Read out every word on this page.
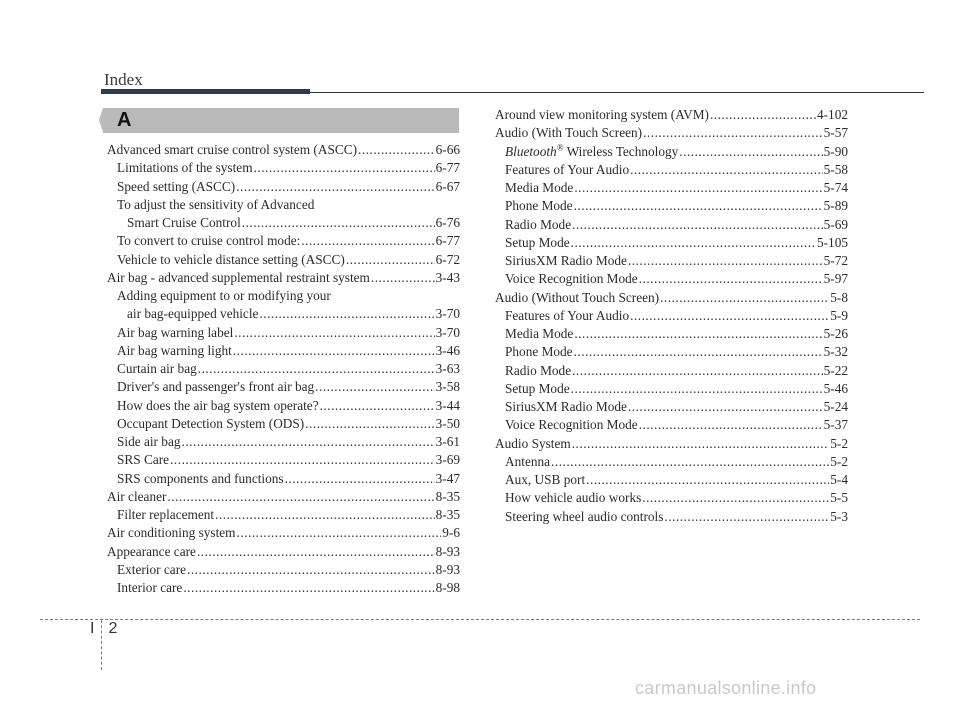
Index
A
Advanced smart cruise control system (ASCC) .....	6-66
Limitations of the system .....	6-77
Speed setting (ASCC) .....	6-67
To adjust the sensitivity of Advanced
Smart Cruise Control .....	6-76
To convert to cruise control mode: .....	6-77
Vehicle to vehicle distance setting (ASCC) .....	6-72
Air bag - advanced supplemental restraint system .....	3-43
Adding equipment to or modifying your
air bag-equipped vehicle .....	3-70
Air bag warning label .....	3-70
Air bag warning light .....	3-46
Curtain air bag .....	3-63
Driver's and passenger's front air bag .....	3-58
How does the air bag system operate? .....	3-44
Occupant Detection System (ODS) .....	3-50
Side air bag .....	3-61
SRS Care .....	3-69
SRS components and functions .....	3-47
Air cleaner .....	8-35
Filter replacement .....	8-35
Air conditioning system .....	9-6
Appearance care .....	8-93
Exterior care .....	8-93
Interior care .....	8-98
Around view monitoring system (AVM) .....	4-102
Audio (With Touch Screen) .....	5-57
Bluetooth® Wireless Technology .....	5-90
Features of Your Audio .....	5-58
Media Mode .....	5-74
Phone Mode .....	5-89
Radio Mode .....	5-69
Setup Mode .....	5-105
SiriusXM Radio Mode .....	5-72
Voice Recognition Mode .....	5-97
Audio (Without Touch Screen) .....	5-8
Features of Your Audio .....	5-9
Media Mode .....	5-26
Phone Mode .....	5-32
Radio Mode .....	5-22
Setup Mode .....	5-46
SiriusXM Radio Mode .....	5-24
Voice Recognition Mode .....	5-37
Audio System .....	5-2
Antenna .....	5-2
Aux, USB port .....	5-4
How vehicle audio works .....	5-5
Steering wheel audio controls .....	5-3
I 2
carmanualsonline.info
